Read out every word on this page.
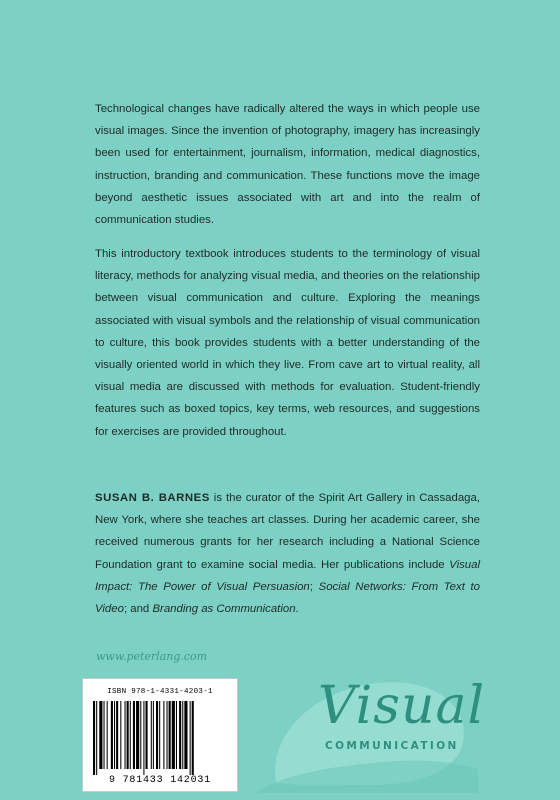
Technological changes have radically altered the ways in which people use visual images. Since the invention of photography, imagery has increasingly been used for entertainment, journalism, information, medical diagnostics, instruction, branding and communication. These functions move the image beyond aesthetic issues associated with art and into the realm of communication studies.

This introductory textbook introduces students to the terminology of visual literacy, methods for analyzing visual media, and theories on the relationship between visual communication and culture. Exploring the meanings associated with visual symbols and the relationship of visual communication to culture, this book provides students with a better understanding of the visually oriented world in which they live. From cave art to virtual reality, all visual media are discussed with methods for evaluation. Student-friendly features such as boxed topics, key terms, web resources, and suggestions for exercises are provided throughout.

SUSAN B. BARNES is the curator of the Spirit Art Gallery in Cassadaga, New York, where she teaches art classes. During her academic career, she received numerous grants for her research including a National Science Foundation grant to examine social media. Her publications include Visual Impact: The Power of Visual Persuasion; Social Networks: From Text to Video; and Branding as Communication.

www.peterlang.com
ISBN 978-1-4331-4203-1
9 781433 142031
Visual
COMMUNICATION
